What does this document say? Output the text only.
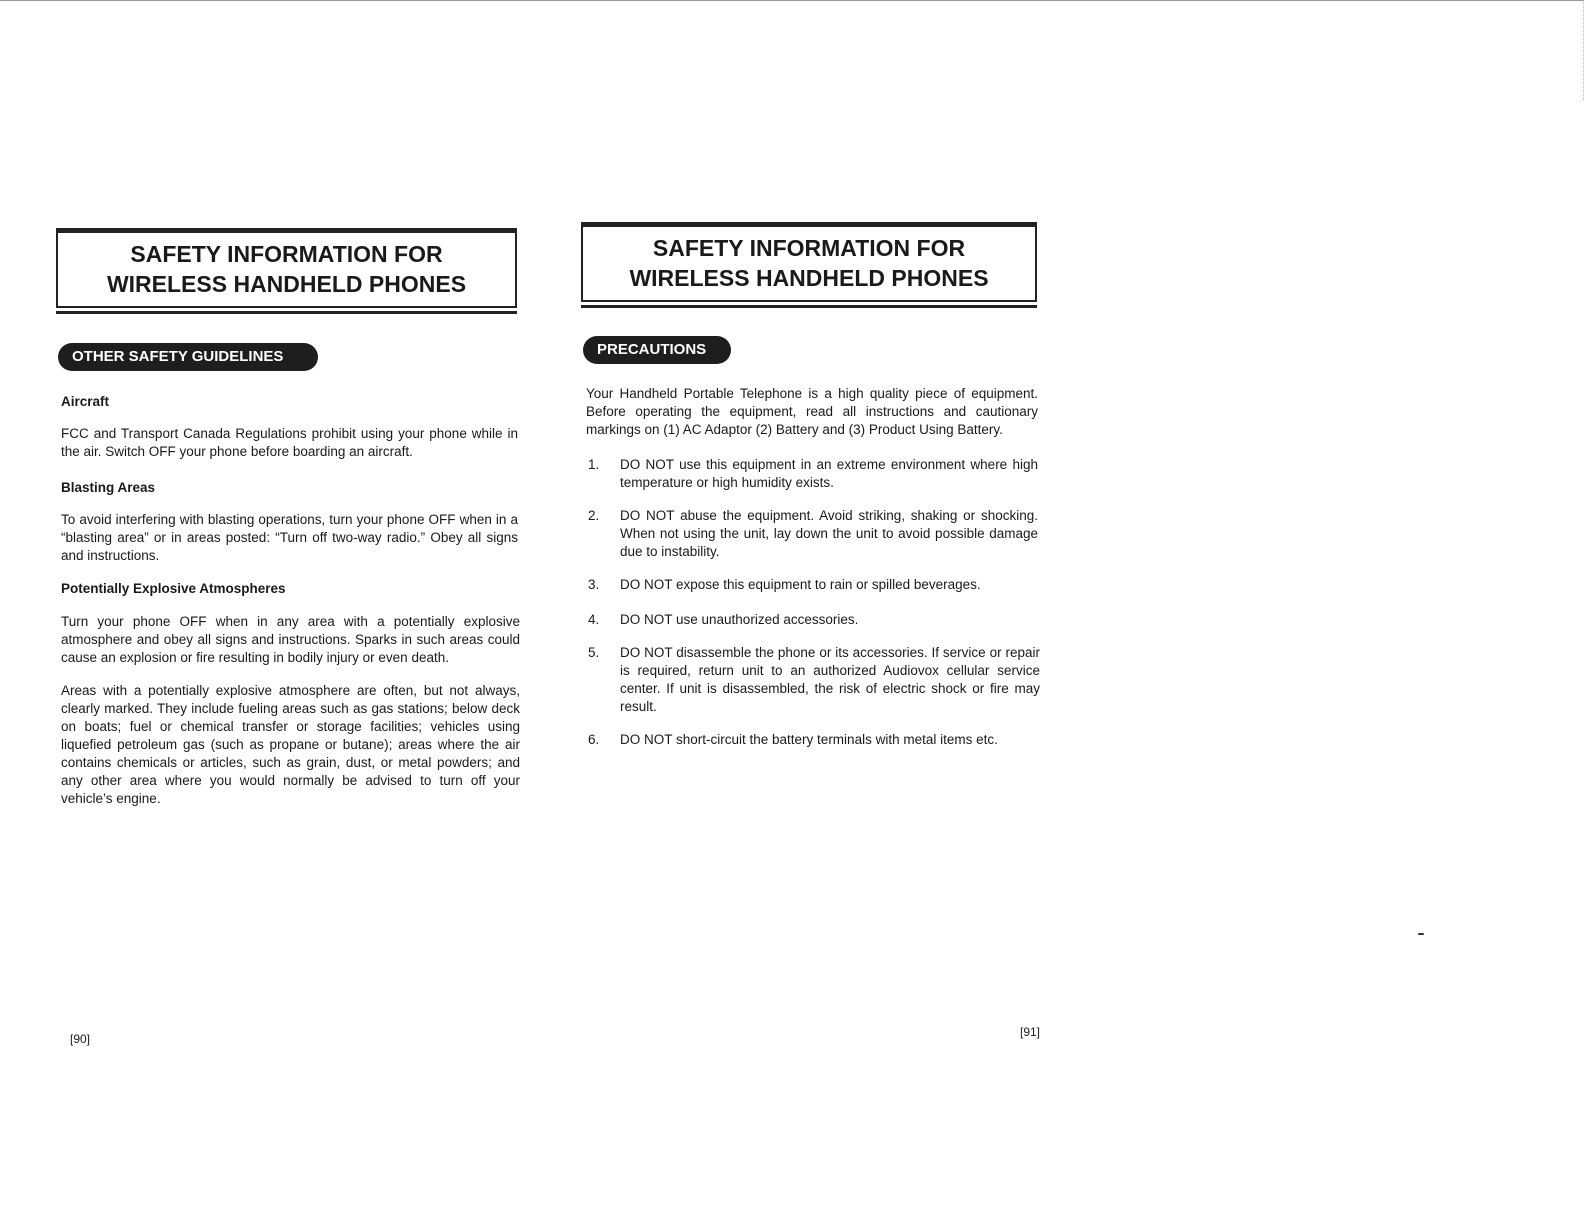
SAFETY INFORMATION FOR
WIRELESS HANDHELD PHONES
OTHER SAFETY GUIDELINES
Aircraft

FCC and Transport Canada Regulations prohibit using your phone while in the air. Switch OFF your phone before boarding an aircraft.

Blasting Areas

To avoid interfering with blasting operations, turn your phone OFF when in a “blasting area” or in areas posted: “Turn off two-way radio.” Obey all signs and instructions.

Potentially Explosive Atmospheres

Turn your phone OFF when in any area with a potentially explosive atmosphere and obey all signs and instructions. Sparks in such areas could cause an explosion or fire resulting in bodily injury or even death.

Areas with a potentially explosive atmosphere are often, but not always, clearly marked. They include fueling areas such as gas stations; below deck on boats; fuel or chemical transfer or storage facilities; vehicles using liquefied petroleum gas (such as propane or butane); areas where the air contains chemicals or articles, such as grain, dust, or metal powders; and any other area where you would normally be advised to turn off your vehicle’s engine.

[90]
SAFETY INFORMATION FOR
WIRELESS HANDHELD PHONES
PRECAUTIONS

Your Handheld Portable Telephone is a high quality piece of equipment. Before operating the equipment, read all instructions and cautionary markings on (1) AC Adaptor (2) Battery and (3) Product Using Battery.

1. DO NOT use this equipment in an extreme environment where high temperature or high humidity exists.
2. DO NOT abuse the equipment. Avoid striking, shaking or shocking. When not using the unit, lay down the unit to avoid possible damage due to instability.
3. DO NOT expose this equipment to rain or spilled beverages.
4. DO NOT use unauthorized accessories.
5. DO NOT disassemble the phone or its accessories. If service or repair is required, return unit to an authorized Audiovox cellular service center. If unit is disassembled, the risk of electric shock or fire may result.
6. DO NOT short-circuit the battery terminals with metal items etc.
[91]
